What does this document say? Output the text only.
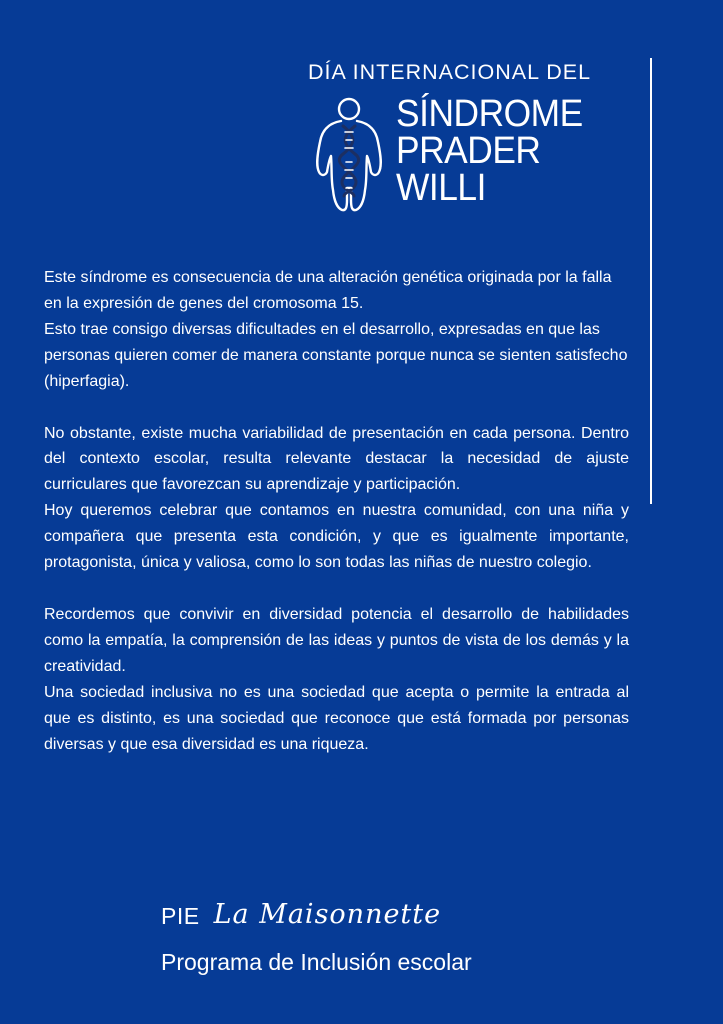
DÍA INTERNACIONAL DEL
SÍNDROME
PRADER
WILLI

Este síndrome es consecuencia de una alteración genética originada por la falla en la expresión de genes del cromosoma 15.

Esto trae consigo diversas dificultades en el desarrollo, expresadas en que las personas quieren comer de manera constante porque nunca se sienten satisfecho (hiperfagia).

No obstante, existe mucha variabilidad de presentación en cada persona. Dentro del contexto escolar, resulta relevante destacar la necesidad de ajuste curriculares que favorezcan su aprendizaje y participación.

Hoy queremos celebrar que contamos en nuestra comunidad, con una niña y compañera que presenta esta condición, y que es igualmente importante, protagonista, única y valiosa, como lo son todas las niñas de nuestro colegio.

Recordemos que convivir en diversidad potencia el desarrollo de habilidades como la empatía, la comprensión de las ideas y puntos de vista de los demás y la creatividad.

Una sociedad inclusiva no es una sociedad que acepta o permite la entrada al que es distinto, es una sociedad que reconoce que está formada por personas diversas y que esa diversidad es una riqueza.

PIE La Maisonnette
Programa de Inclusión escolar
